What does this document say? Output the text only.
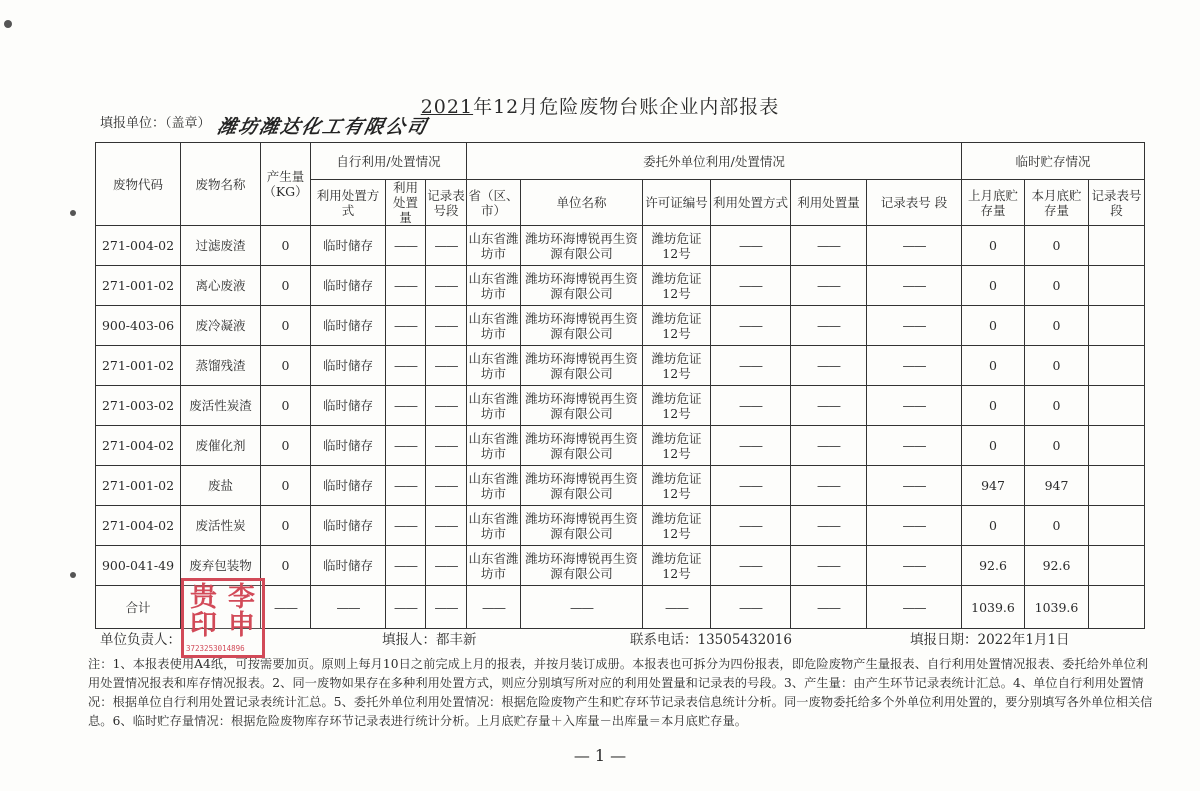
2021年12月危险废物台账企业内部报表
填报单位：（盖章） 潍坊潍达化工有限公司
废物代码	废物名称	产生量（KG）	自行利用/处置情况			委托外单位利用/处置情况						临时贮存情况		
			利用处置方 式	利用处置量	记录表号段	省（区、市）	单位名称	许可证编号	利用处置方式	利用处置量	记录表号 段	上月底贮存量	本月底贮存量	记录表号段
271-004-02	过滤废渣	0	临时储存	——	——	山东省潍坊市	潍坊环海博锐再生资源有限公司	潍坊危证12号	——	——	——	0	0	
271-001-02	离心废液	0	临时储存	——	——	山东省潍坊市	潍坊环海博锐再生资源有限公司	潍坊危证12号	——	——	——	0	0	
900-403-06	废冷凝液	0	临时储存	——	——	山东省潍坊市	潍坊环海博锐再生资源有限公司	潍坊危证12号	——	——	——	0	0	
271-001-02	蒸馏残渣	0	临时储存	——	——	山东省潍坊市	潍坊环海博锐再生资源有限公司	潍坊危证12号	——	——	——	0	0	
271-003-02	废活性炭渣	0	临时储存	——	——	山东省潍坊市	潍坊环海博锐再生资源有限公司	潍坊危证12号	——	——	——	0	0	
271-004-02	废催化剂	0	临时储存	——	——	山东省潍坊市	潍坊环海博锐再生资源有限公司	潍坊危证12号	——	——	——	0	0	
271-001-02	废盐	0	临时储存	——	——	山东省潍坊市	潍坊环海博锐再生资源有限公司	潍坊危证12号	——	——	——	947	947	
271-004-02	废活性炭	0	临时储存	——	——	山东省潍坊市	潍坊环海博锐再生资源有限公司	潍坊危证12号	——	——	——	0	0	
900-041-49	废弃包装物	0	临时储存	——	——	山东省潍坊市	潍坊环海博锐再生资源有限公司	潍坊危证12号	——	——	——	92.6	92.6	
合计		——	——	——	——	——	——	——	——	——	——	1039.6	1039.6	
李
申
贵
印
3723253014896
单位负责人：	填报人：都丰新	联系电话：13505432016	填报日期：2022年1月1日
注：1、本报表使用A4纸，可按需要加页。原则上每月10日之前完成上月的报表，并按月装订成册。本报表也可拆分为四份报表，即危险废物产生量报表、自行利用处置情况报表、委托给外单位利用处置情况报表和库存情况报表。2、同一废物如果存在多种利用处置方式，则应分别填写所对应的利用处置量和记录表的号段。3、产生量：由产生环节记录表统计汇总。4、单位自行利用处置情况：根据单位自行利用处置记录表统计汇总。5、委托外单位利用处置情况：根据危险废物产生和贮存环节记录表信息统计分析。同一废物委托给多个外单位利用处置的，要分别填写各外单位相关信息。6、临时贮存量情况：根据危险废物库存环节记录表进行统计分析。上月底贮存量＋入库量－出库量＝本月底贮存量。
— 1 —
